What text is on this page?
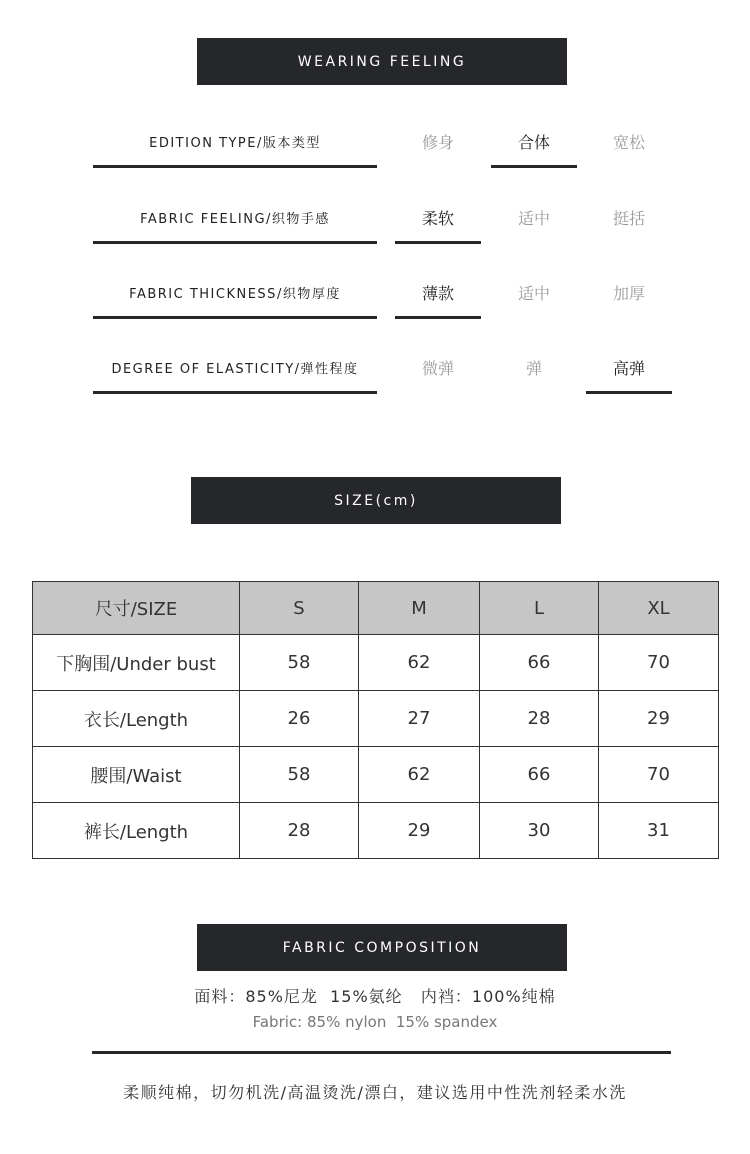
WEARING FEELING
EDITION TYPE/版本类型	修身	合体	宽松
FABRIC FEELING/织物手感	柔软	适中	挺括
FABRIC THICKNESS/织物厚度	薄款	适中	加厚
DEGREE OF ELASTICITY/弹性程度	微弹	弹	高弹
SIZE(cm)
尺寸/SIZE	S	M	L	XL
下胸围/Under bust	58	62	66	70
衣长/Length	26	27	28	29
腰围/Waist	58	62	66	70
裤长/Length	28	29	30	31
FABRIC COMPOSITION
面料：85%尼龙  15%氨纶   内裆：100%纯棉
Fabric: 85% nylon  15% spandex
柔顺纯棉，切勿机洗/高温烫洗/漂白，建议选用中性洗剂轻柔水洗
